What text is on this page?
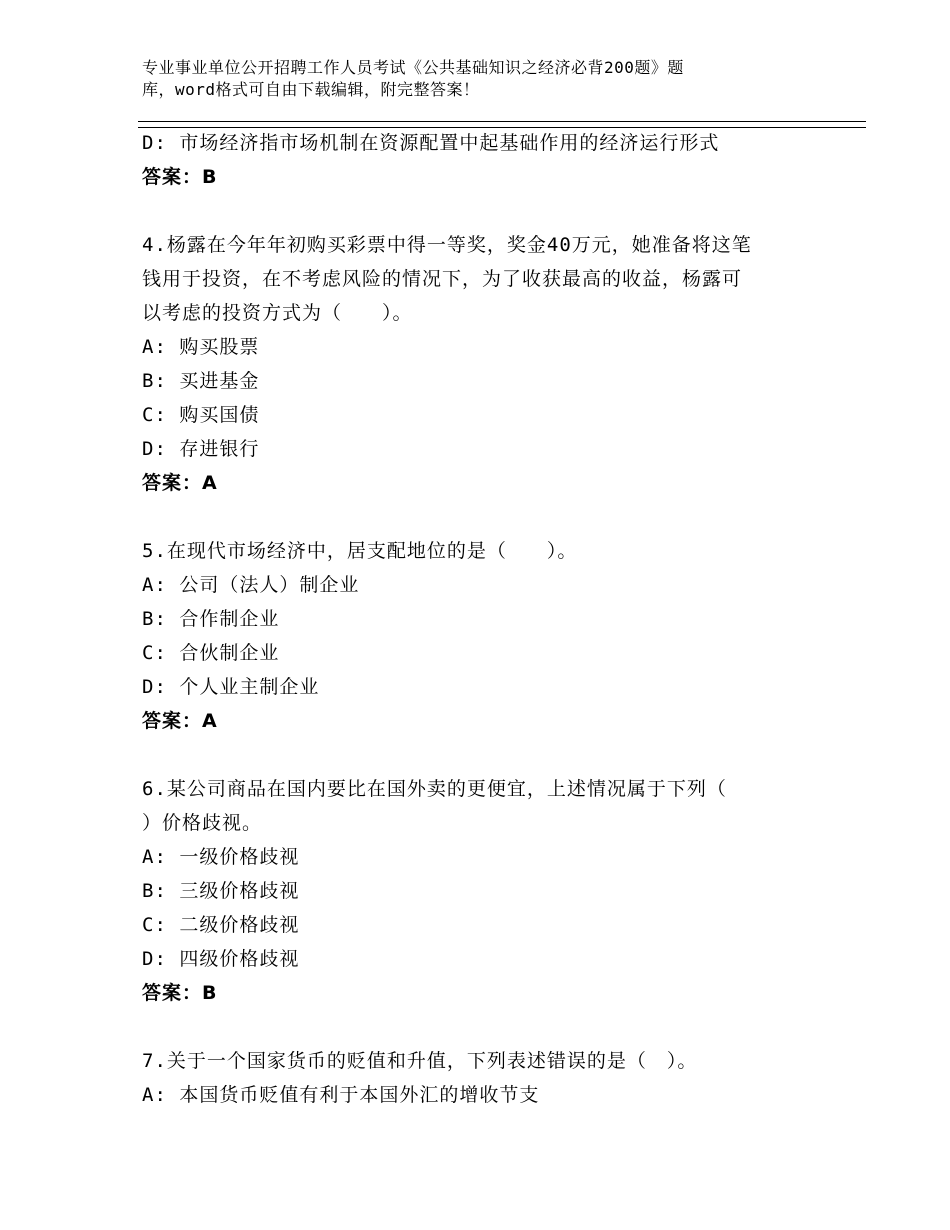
专业事业单位公开招聘工作人员考试《公共基础知识之经济必背200题》题
库，word格式可自由下载编辑，附完整答案！
D: 市场经济指市场机制在资源配置中起基础作用的经济运行形式
答案：B
4.杨露在今年年初购买彩票中得一等奖，奖金40万元，她准备将这笔
钱用于投资，在不考虑风险的情况下，为了收获最高的收益，杨露可
以考虑的投资方式为（　　）。
A: 购买股票
B: 买进基金
C: 购买国债
D: 存进银行
答案：A
5.在现代市场经济中，居支配地位的是（　　）。
A: 公司（法人）制企业
B: 合作制企业
C: 合伙制企业
D: 个人业主制企业
答案：A
6.某公司商品在国内要比在国外卖的更便宜，上述情况属于下列（
）价格歧视。
A: 一级价格歧视
B: 三级价格歧视
C: 二级价格歧视
D: 四级价格歧视
答案：B
7.关于一个国家货币的贬值和升值，下列表述错误的是（　）。
A: 本国货币贬值有利于本国外汇的增收节支
